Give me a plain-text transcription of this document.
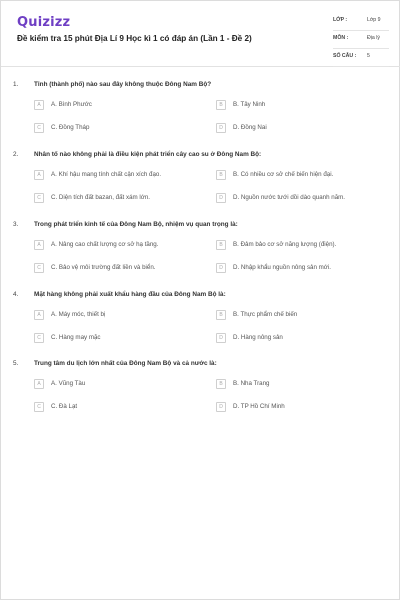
Quizizz
Đề kiểm tra 15 phút Địa Lí 9 Học kì 1 có đáp án (Lần 1 - Đề 2)
LỚP :	Lớp 9
MÔN :	Địa lý
SỐ CÂU : 5
1. Tỉnh (thành phố) nào sau đây không thuộc Đông Nam Bộ?
A	A. Bình Phước	B	B. Tây Ninh
C	C. Đồng Tháp	D	D. Đồng Nai
2. Nhân tố nào không phải là điều kiện phát triển cây cao su ở Đông Nam Bộ:
A	A. Khí hậu mang tính chất cận xích đạo.	B	B. Có nhiều cơ sở chế biến hiện đại.
C	C. Diện tích đất bazan, đất xám lớn.	D	D. Nguồn nước tưới dồi dào quanh năm.
3. Trong phát triển kinh tế của Đông Nam Bộ, nhiệm vụ quan trọng là:
A	A. Nâng cao chất lượng cơ sở hạ tầng.	B	B. Đảm bảo cơ sở năng lượng (điện).
C	C. Bảo vệ môi trường đất liền và biển.	D	D. Nhập khẩu nguồn nông sản mới.
4. Mặt hàng không phải xuất khẩu hàng đầu của Đông Nam Bộ là:
A	A. Máy móc, thiết bị	B	B. Thực phẩm chế biến
C	C. Hàng may mặc	D	D. Hàng nông sản
5. Trung tâm du lịch lớn nhất của Đông Nam Bộ và cả nước là:
A	A. Vũng Tàu	B	B. Nha Trang
C	C. Đà Lạt	D	D. TP Hồ Chí Minh
